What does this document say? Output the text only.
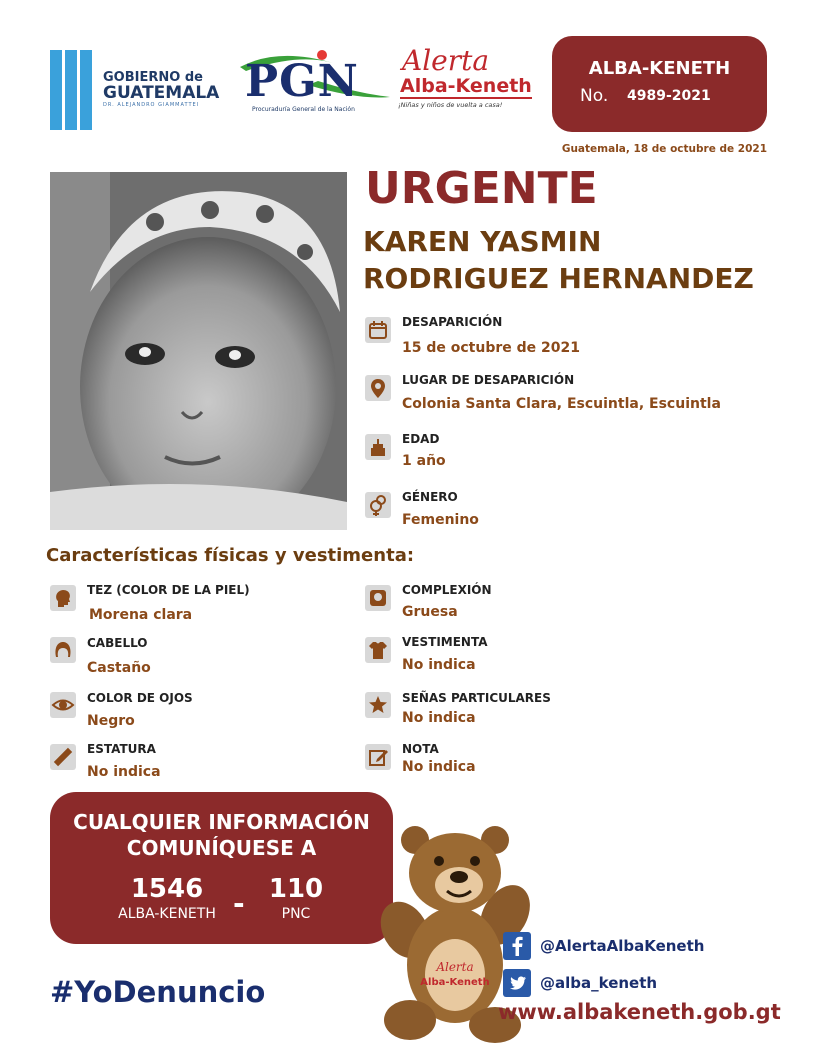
GOBIERNO de
GUATEMALA
DR. ALEJANDRO GIAMMATTEI PGN
Procuraduría General de la Nación
Alerta
Alba-Keneth
¡Niñas y niños de vuelta a casa!
ALBA-KENETH
No. 4989-2021
Guatemala, 18 de octubre de 2021
URGENTE
KAREN YASMIN
RODRIGUEZ HERNANDEZ
DESAPARICIÓN
15 de octubre de 2021
LUGAR DE DESAPARICIÓN
Colonia Santa Clara, Escuintla, Escuintla
EDAD
1 año
GÉNERO
Femenino
Características físicas y vestimenta:
TEZ (COLOR DE LA PIEL)
Morena clara
CABELLO
Castaño
COLOR DE OJOS
Negro
ESTATURA
No indica
COMPLEXIÓN
Gruesa
VESTIMENTA
No indica
SEÑAS PARTICULARES
No indica
NOTA
No indica
CUALQUIER INFORMACIÓN
COMUNÍQUESE A
1546
ALBA-KENETH - 110
PNC
Alerta
Alba-Keneth
@AlertaAlbaKeneth
@alba_keneth
www.albakeneth.gob.gt
#YoDenuncio
